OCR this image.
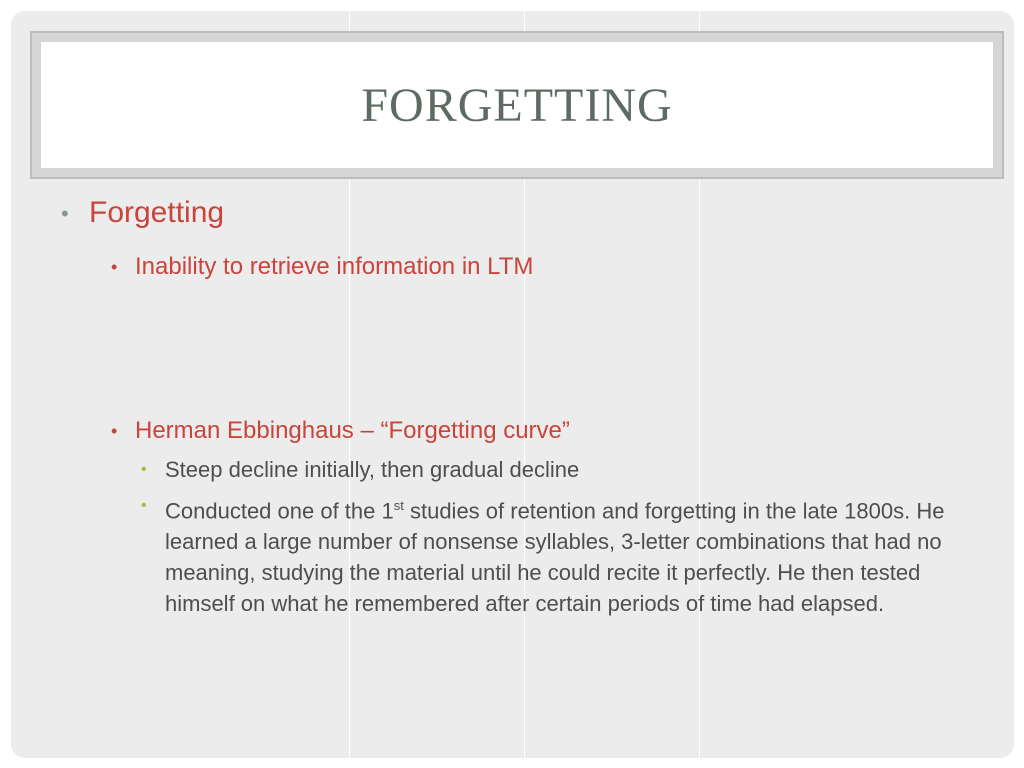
FORGETTING
• Forgetting
• Inability to retrieve information in LTM
• Herman Ebbinghaus – “Forgetting curve”
• Steep decline initially, then gradual decline
• Conducted one of the 1st studies of retention and forgetting in the late 1800s. He learned a large number of nonsense syllables, 3-letter combinations that had no meaning, studying the material until he could recite it perfectly. He then tested himself on what he remembered after certain periods of time had elapsed.
